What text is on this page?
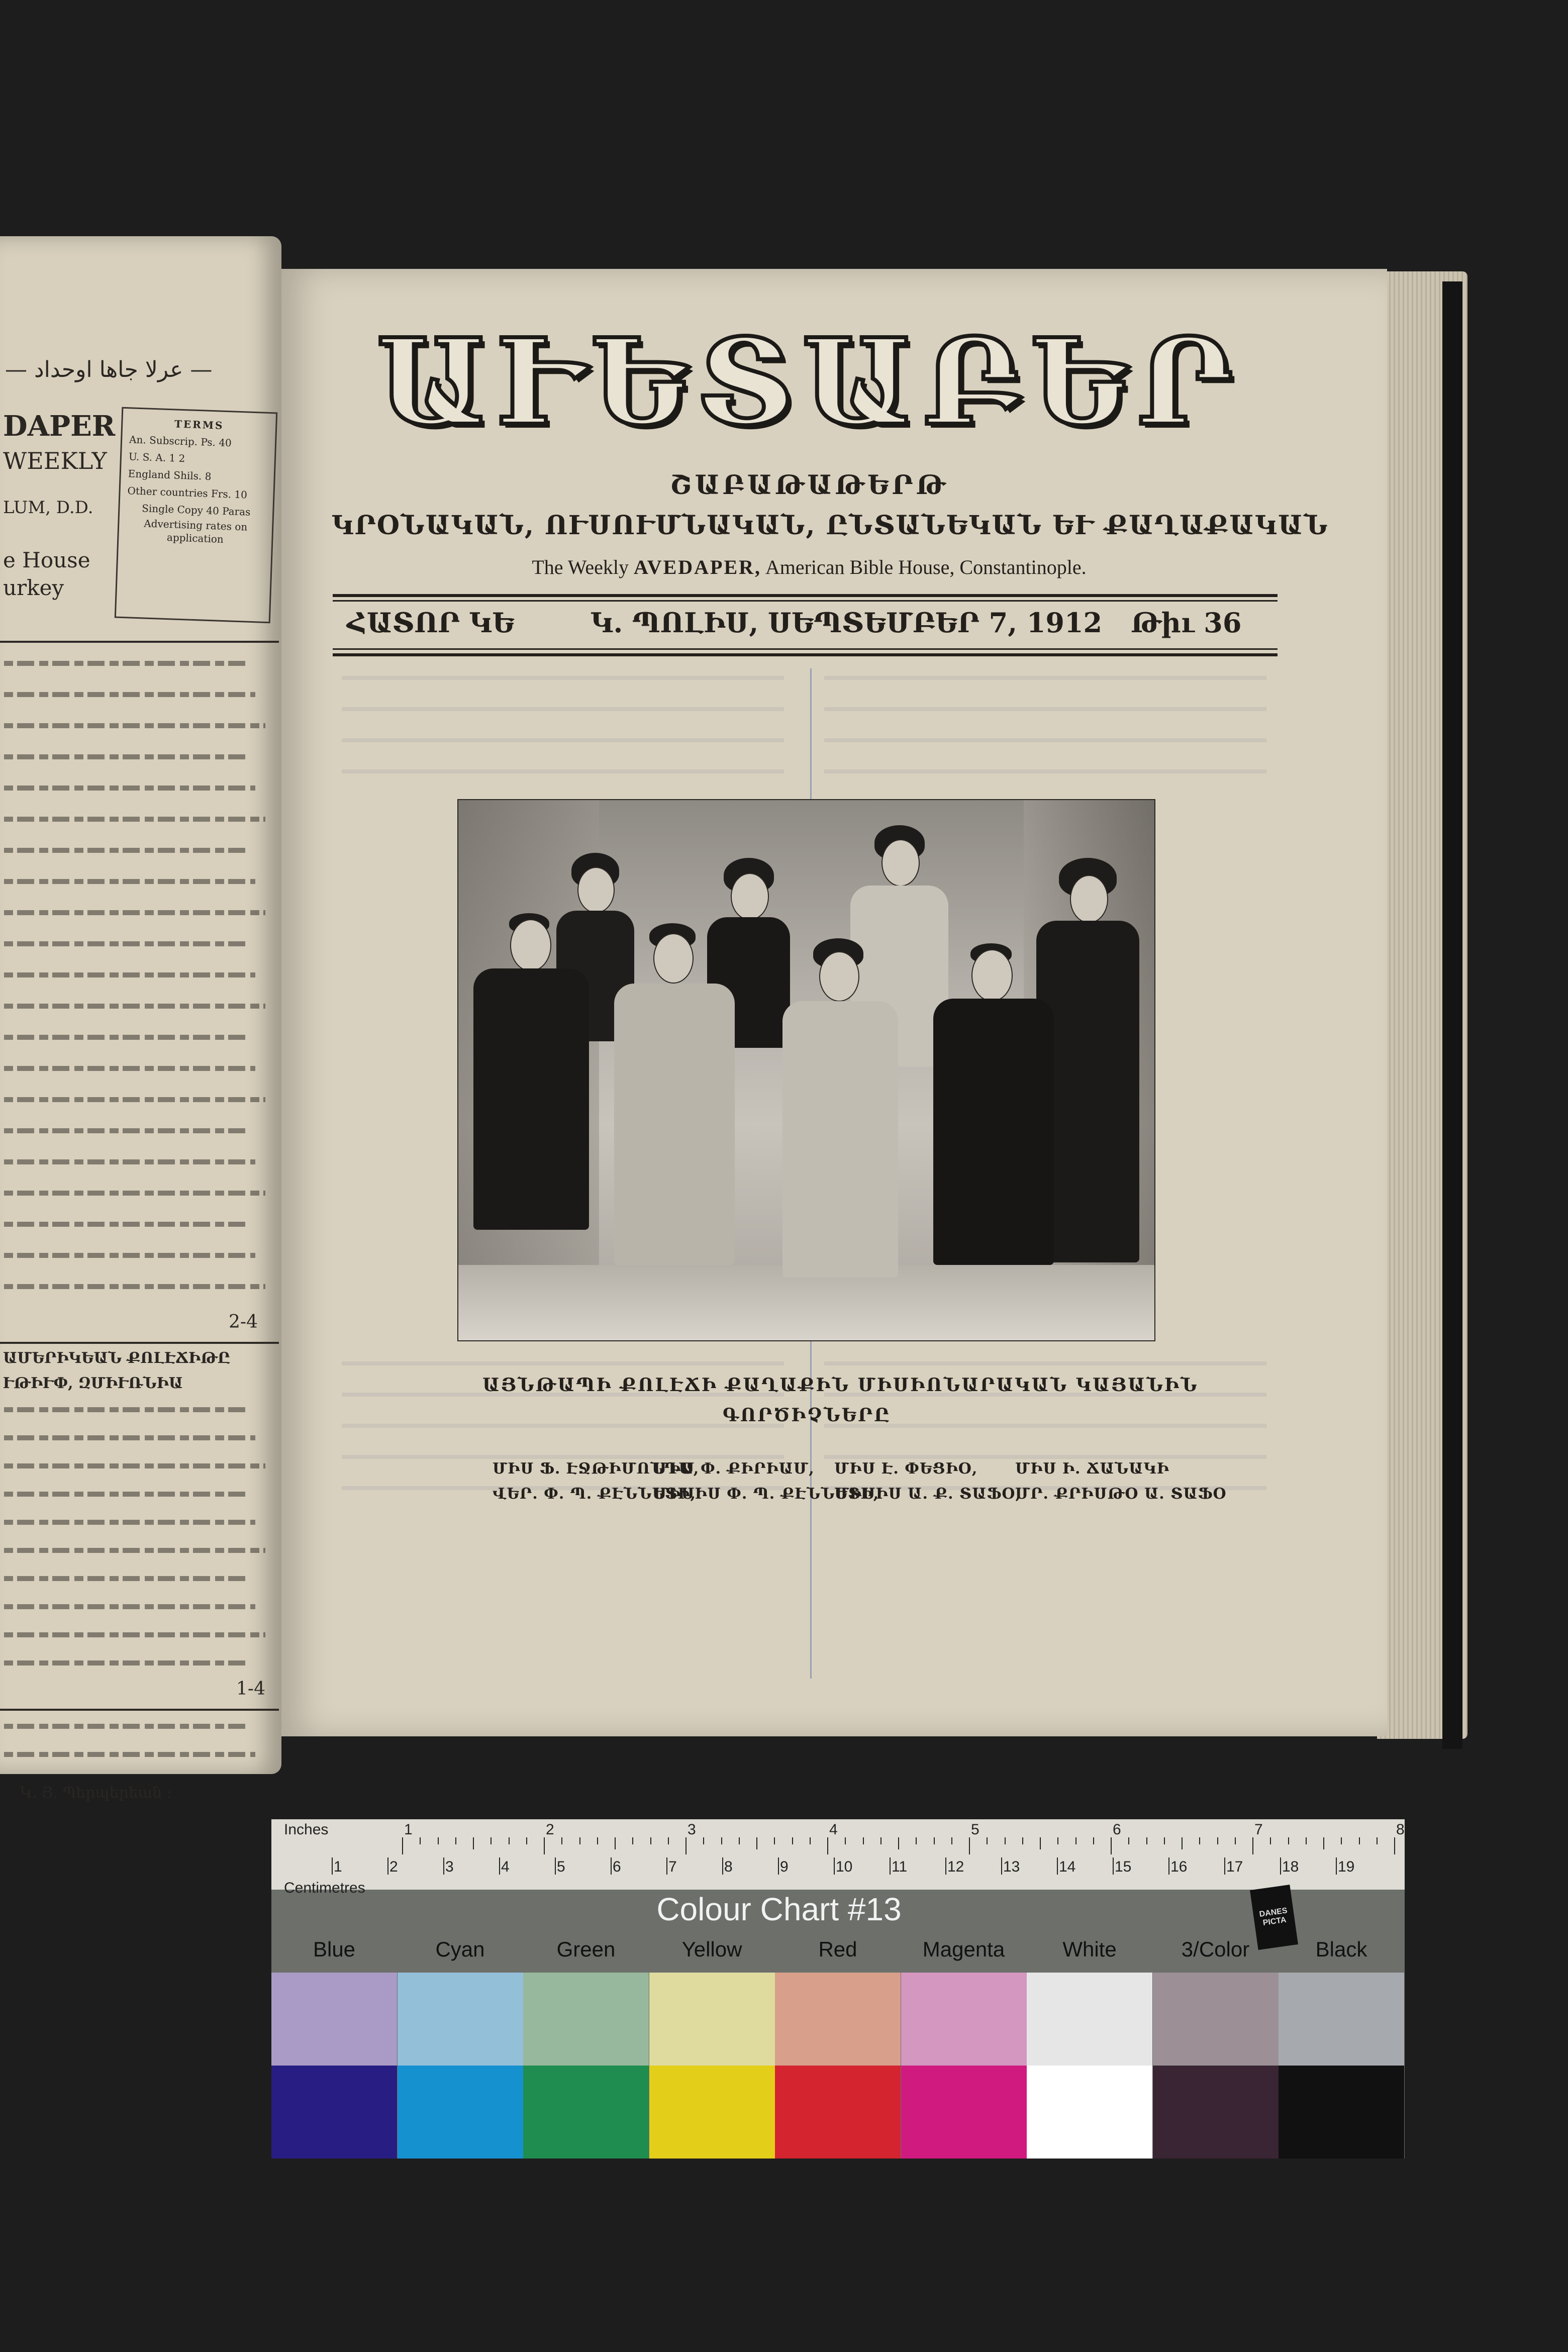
— عرلا جاها اوحداد —
DAPER
WEEKLY
LUM, D.D.
e House
urkey
TERMS
An. Subscrip. Ps. 40
U. S. A. 1 2
England Shils. 8
Other countries Frs. 10
Single Copy 40 Paras
Advertising rates on application
2-4
ԱՄԵՐԻԿԵԱՆ ՔՈԼԷՃԻԹԸ
ՒԹԻՒՓ, ԶՄԻՒՌՆԻԱ
1-4
Կ. Յ. Պերպերեան :
ԱՒԵՏԱԲԵՐ
ՇԱԲԱԹԱԹԵՐԹ
ԿՐՕՆԱԿԱՆ, ՈՒՍՈՒՄՆԱԿԱՆ, ԸՆՏԱՆԵԿԱՆ ԵՒ ՔԱՂԱՔԱԿԱՆ
The Weekly AVEDAPER, American Bible House, Constantinople.
ՀԱՏՈՐ ԿԵ	Կ. ՊՈԼԻՍ, ՍԵՊՏԵՄԲԵՐ 7, 1912 Թիւ 36
ԱՅՆԹԱՊԻ ՔՈԼԷՃԻ ՔԱՂԱՔԻՆ ՄԻՍԻՈՆԱՐԱԿԱՆ ԿԱՅԱՆԻՆ
ԳՈՐԾԻՉՆԵՐԸ
ՄԻՍ Ֆ. ԷՋԹԻՄՈՆԴԱ,
ՄԻՍ Փ. ՔԻՐԻԱՄ, ՄԻՍ Է. ՓԵՑԻՕ, ՄԻՍ Ի. ՃԱՆԱԿԻ
ՎԵՐ. Փ. Պ. ՔԷՆՆԵՏԻ,
ՄԻՍԻՍ Փ. Պ. ՔԷՆՆԵՏԻ,
ՄԻՍԻՍ Ա. Ք. ՏԱՖՕ,
ՄՐ. ՔՐԻՍԹՕ Ա. ՏԱՖՕ
Inches
Centimetres
1	2	3	4	5	6	7	8
1	2	3	4	5	6	7	8	9	10	11	12	13	14	15	16	17	18	19
Colour Chart #13	DANES
PICTA
Blue	Cyan	Green	Yellow	Red	Magenta	White	3/Color	Black
